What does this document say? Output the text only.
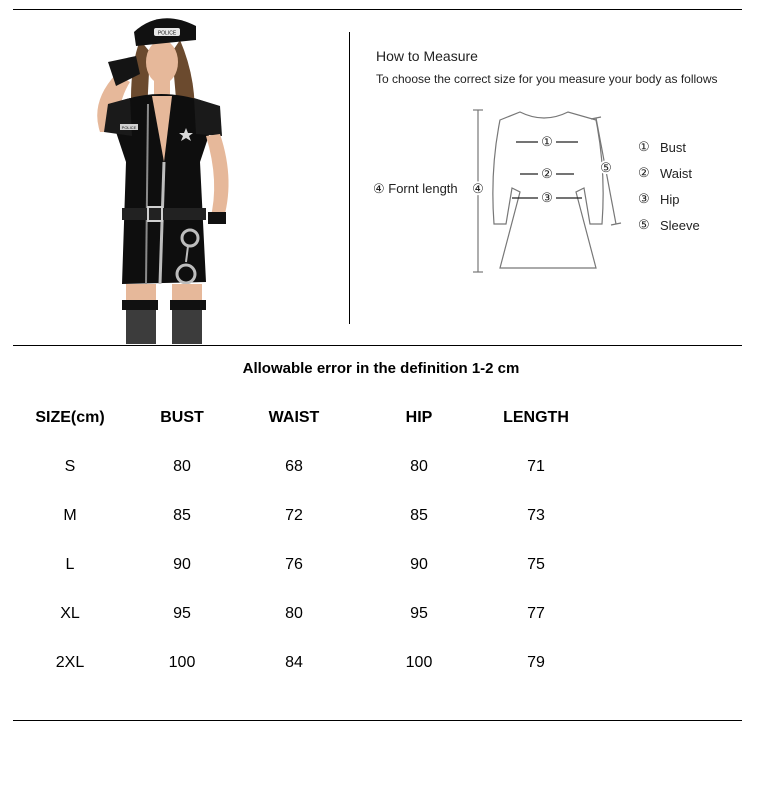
POLICE
POLICE
How to Measure
To choose the correct size for you measure your body as follows
④ Fornt length
①
②
③
④
⑤
① Bust
② Waist
③ Hip
⑤ Sleeve
Allowable error in the definition 1-2 cm
SIZE(cm)	BUST	WAIST	HIP	LENGTH
S	80	68	80	71
M	85	72	85	73
L	90	76	90	75
XL	95	80	95	77
2XL	100	84	100	79
